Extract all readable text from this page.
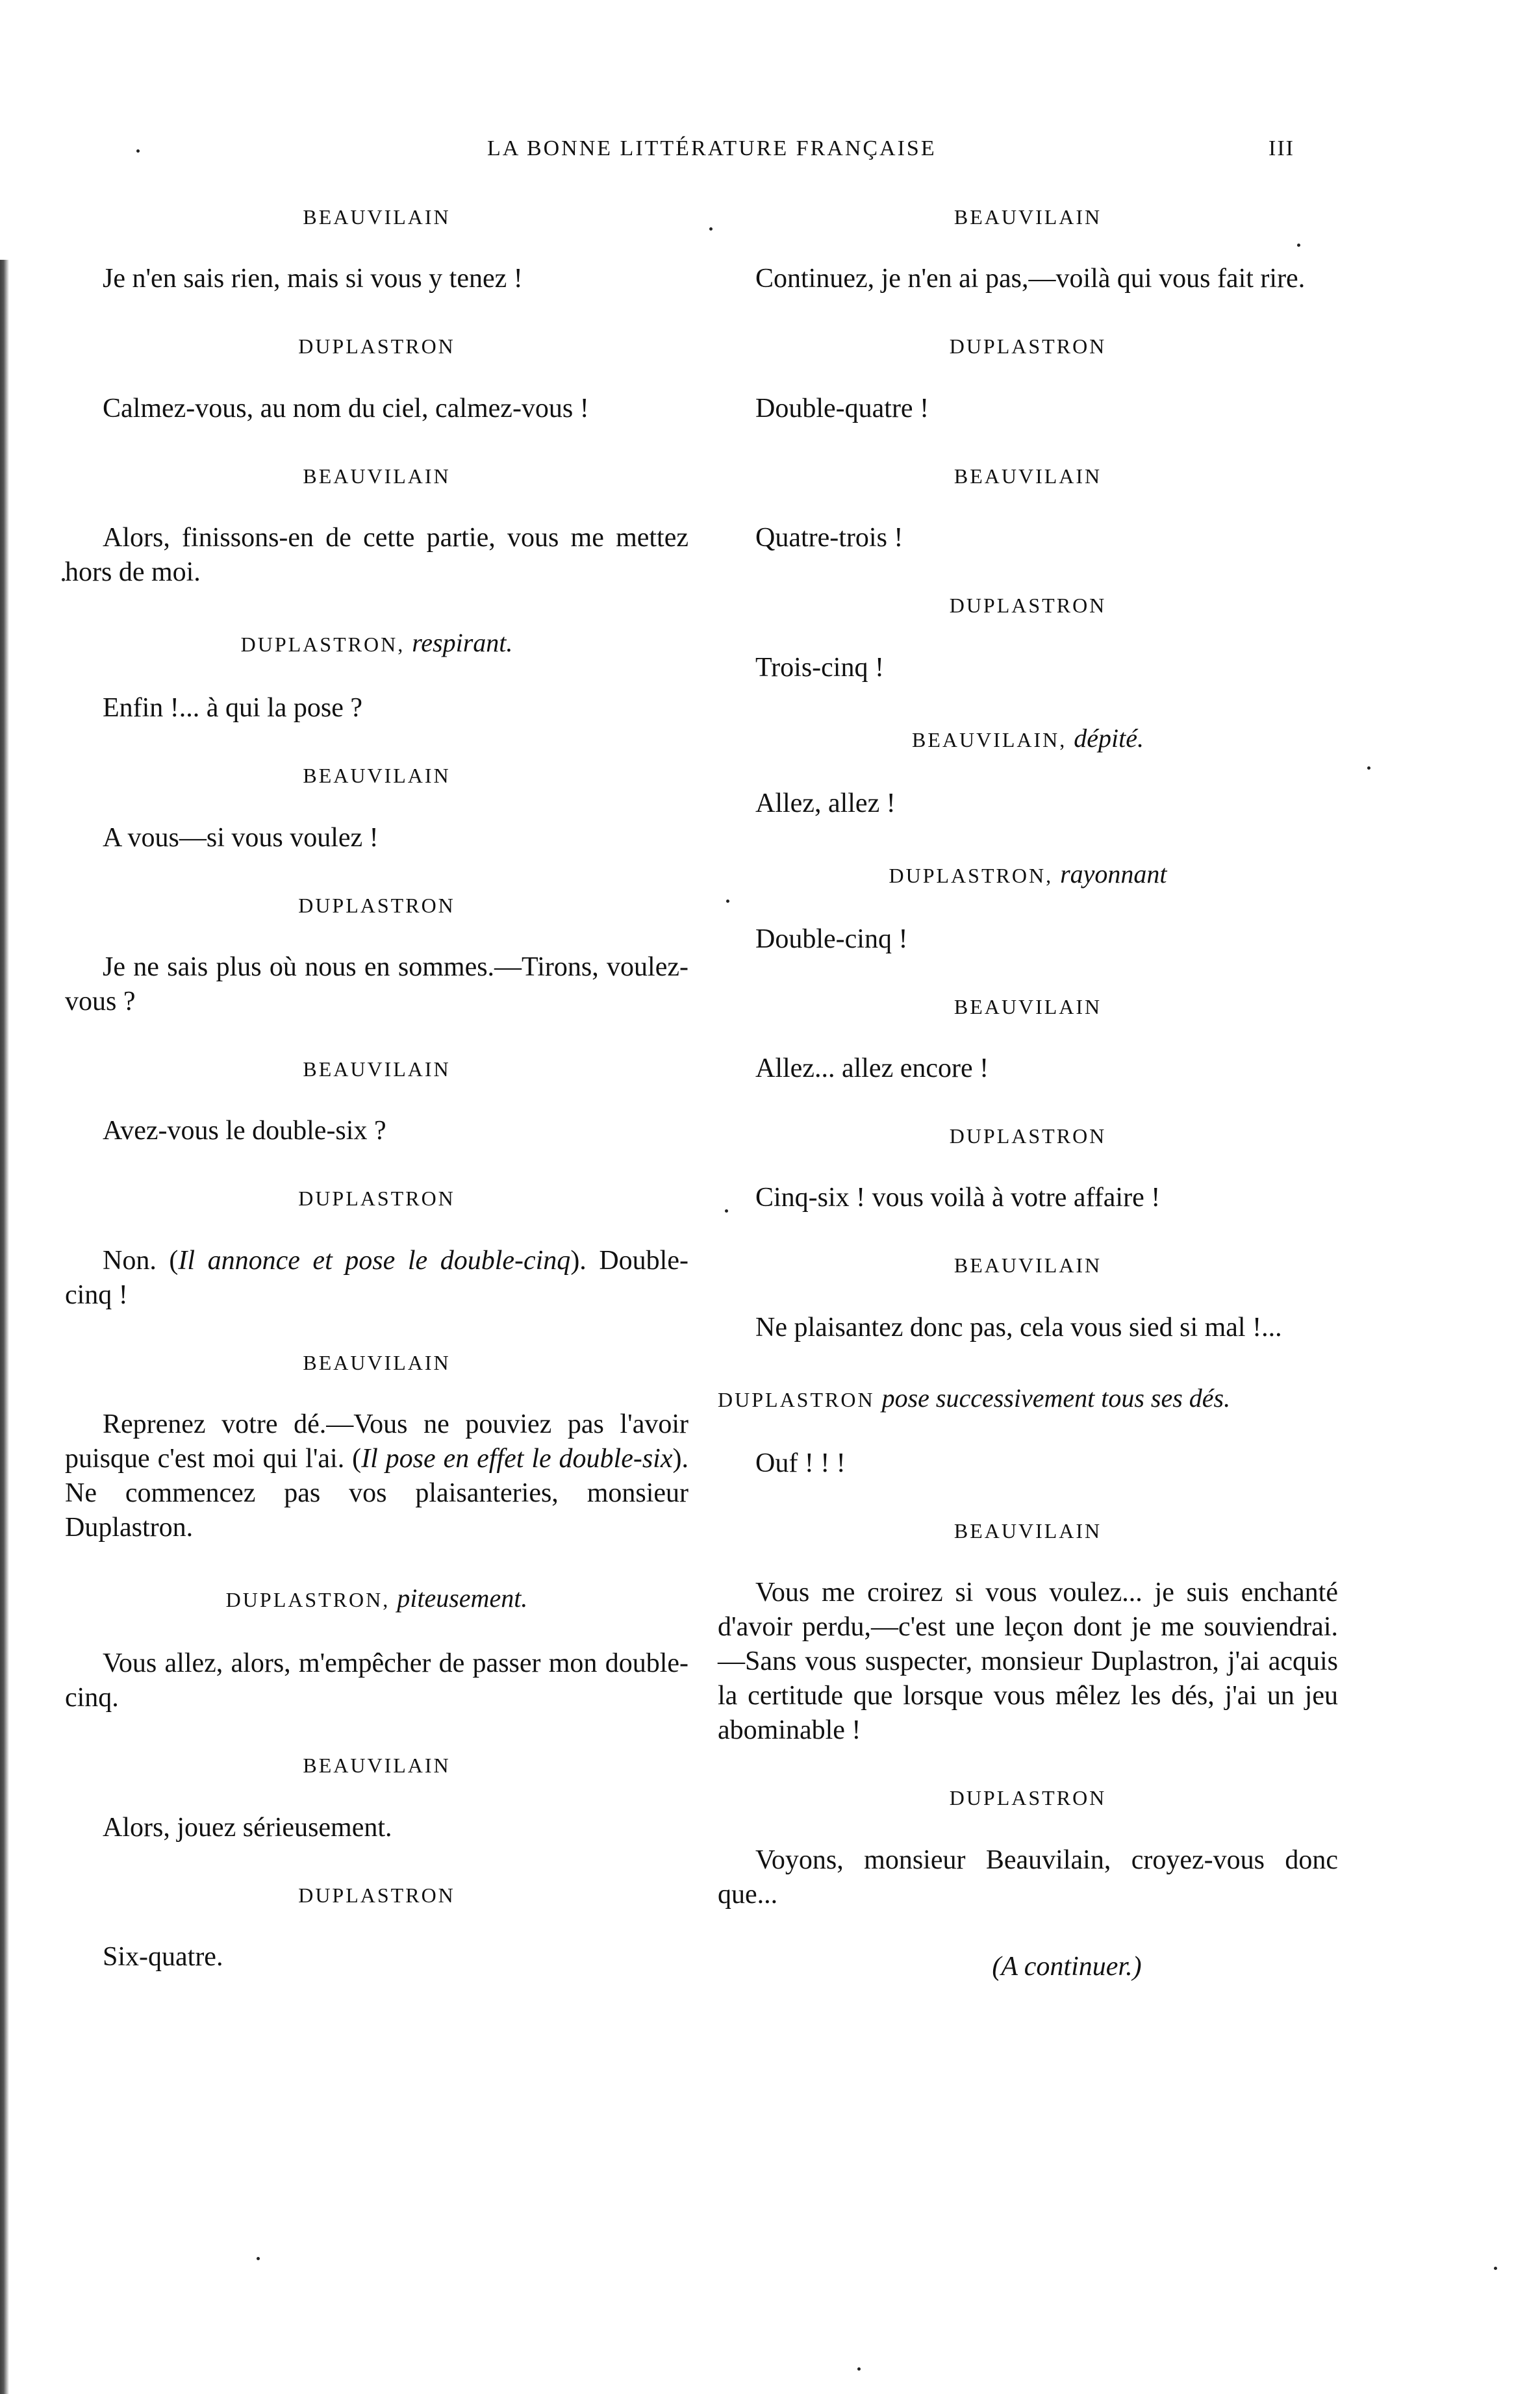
LA BONNE LITTÉRATURE FRANÇAISE	III
BEAUVILAIN

Je n'en sais rien, mais si vous y tenez !

DUPLASTRON

Calmez-vous, au nom du ciel, calmez-vous !

BEAUVILAIN

Alors, finissons-en de cette partie, vous me mettez hors de moi.

DUPLASTRON, respirant.

Enfin !... à qui la pose ?

BEAUVILAIN

A vous—si vous voulez !

DUPLASTRON

Je ne sais plus où nous en sommes.—Tirons, voulez-vous ?

BEAUVILAIN

Avez-vous le double-six ?

DUPLASTRON

Non. (Il annonce et pose le double-cinq). Double-cinq !

BEAUVILAIN

Reprenez votre dé.—Vous ne pouviez pas l'avoir puisque c'est moi qui l'ai. (Il pose en effet le double-six). Ne commencez pas vos plaisanteries, monsieur Duplastron.

DUPLASTRON, piteusement.

Vous allez, alors, m'empêcher de passer mon double-cinq.

BEAUVILAIN

Alors, jouez sérieusement.

DUPLASTRON

Six-quatre.

BEAUVILAIN

Continuez, je n'en ai pas,—voilà qui vous fait rire.

DUPLASTRON

Double-quatre !

BEAUVILAIN

Quatre-trois !

DUPLASTRON

Trois-cinq !

BEAUVILAIN, dépité.

Allez, allez !

DUPLASTRON, rayonnant

Double-cinq !

BEAUVILAIN

Allez... allez encore !

DUPLASTRON

Cinq-six ! vous voilà à votre affaire !

BEAUVILAIN

Ne plaisantez donc pas, cela vous sied si mal !...

DUPLASTRON pose successivement tous ses dés.

Ouf ! ! !

BEAUVILAIN

Vous me croirez si vous voulez... je suis enchanté d'avoir perdu,—c'est une leçon dont je me souviendrai.—Sans vous suspecter, monsieur Duplastron, j'ai acquis la certitude que lorsque vous mêlez les dés, j'ai un jeu abominable !

DUPLASTRON

Voyons, monsieur Beauvilain, croyez-vous donc que...

(A continuer.)
